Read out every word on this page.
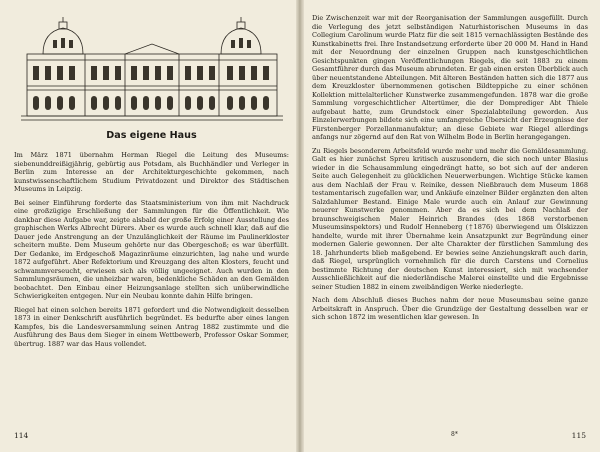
Das eigene Haus

Im März 1871 übernahm Herman Riegel die Leitung des Museums: siebenunddreißigjährig, gebürtig aus Potsdam, als Buchhändler und Verleger in Berlin zum Interesse an der Architekturgeschichte gekommen, nach kunstwissenschaftlichem Studium Privatdozent und Direktor des Städtischen Museums in Leipzig.

Bei seiner Einführung forderte das Staatsministerium von ihm mit Nachdruck eine großzügige Erschließung der Sammlungen für die Öffentlichkeit. Wie dankbar diese Aufgabe war, zeigte alsbald der große Erfolg einer Ausstellung des graphischen Werks Albrecht Dürers. Aber es wurde auch schnell klar, daß auf die Dauer jede Anstrengung an der Unzulänglichkeit der Räume im Paulinerkloster scheitern mußte. Dem Museum gehörte nur das Obergeschoß; es war überfüllt. Der Gedanke, im Erdgeschoß Magazinräume einzurichten, lag nahe und wurde 1872 aufgeführt. Aber Refektorium und Kreuzgang des alten Klosters, feucht und schwammverseucht, erwiesen sich als völlig ungeeignet. Auch wurden in den Sammlungsräumen, die unheizbar waren, bedenkliche Schäden an den Gemälden beobachtet. Den Einbau einer Heizungsanlage stellten sich unüberwindliche Schwierigkeiten entgegen. Nur ein Neubau konnte dahin Hilfe bringen.

Riegel hat einen solchen bereits 1871 gefordert und die Notwendigkeit desselben 1873 in einer Denkschrift ausführlich begründet. Es bedurfte aber eines langen Kampfes, bis die Landesversammlung seinen Antrag 1882 zustimmte und die Ausführung des Baus dem Sieger in einem Wettbewerb, Professor Oskar Sommer, übertrug. 1887 war das Haus vollendet.

114

Die Zwischenzeit war mit der Reorganisation der Sammlungen ausgefüllt. Durch die Verlegung des jetzt selbständigen Naturhistorischen Museums in das Collegium Carolinum wurde Platz für die seit 1815 vernachlässigten Bestände des Kunstkabinetts frei. Ihre Instandsetzung erforderte über 20 000 M. Hand in Hand mit der Neuordnung der einzelnen Gruppen nach kunstgeschichtlichen Gesichtspunkten gingen Veröffentlichungen Riegels, die seit 1883 zu einem Gesamtführer durch das Museum abrundeten. Er gab einen ersten Überblick auch über neuentstandene Abteilungen. Mit älteren Beständen hatten sich die 1877 aus dem Kreuzkloster übernommenen gotischen Bildteppiche zu einer schönen Kollektion mittelalterlicher Kunstwerke zusammengefunden. 1878 war die große Sammlung vorgeschichtlicher Altertümer, die der Domprediger Abt Thiele aufgebaut hatte, zum Grundstock einer Spezialabteilung geworden. Aus Einzelerwerbungen bildete sich eine umfangreiche Übersicht der Erzeugnisse der Fürstenberger Porzellanmanufaktur; an diese Gebiete war Riegel allerdings anfangs nur zögernd auf den Rat von Wilhelm Bode in Berlin herangegangen.

Zu Riegels besonderem Arbeitsfeld wurde mehr und mehr die Gemäldesammlung. Galt es hier zunächst Spreu kritisch auszusondern, die sich noch unter Blasius wieder in die Schausammlung eingedrängt hatte, so bot sich auf der anderen Seite auch Gelegenheit zu glücklichen Neuerwerbungen. Wichtige Stücke kamen aus dem Nachlaß der Frau v. Reinike, dessen Nießbrauch dem Museum 1868 testamentarisch zugefallen war, und Ankäufe einzelner Bilder ergänzten den alten Salzdahlumer Bestand. Einige Male wurde auch ein Anlauf zur Gewinnung neuerer Kunstwerke genommen. Aber da es sich bei dem Nachlaß der braunschweigischen Maler Heinrich Brandes (des 1868 verstorbenen Museumsinspektors) und Rudolf Henneberg (†1876) überwiegend um Ölskizzen handelte, wurde mit ihrer Übernahme kein Ansatzpunkt zur Begründung einer modernen Galerie gewonnen. Der alte Charakter der fürstlichen Sammlung des 18. Jahrhunderts blieb maßgebend. Er bewies seine Anziehungskraft auch darin, daß Riegel, ursprünglich vornehmlich für die durch Carstens und Cornelius bestimmte Richtung der deutschen Kunst interessiert, sich mit wachsender Ausschließlichkeit auf die niederländische Malerei einstellte und die Ergebnisse seiner Studien 1882 in einem zweibändigen Werke niederlegte.

Nach dem Abschluß dieses Buches nahm der neue Museumsbau seine ganze Arbeitskraft in Anspruch. Über die Grundzüge der Gestaltung desselben war er sich schon 1872 im wesentlichen klar gewesen. In

8*	115
